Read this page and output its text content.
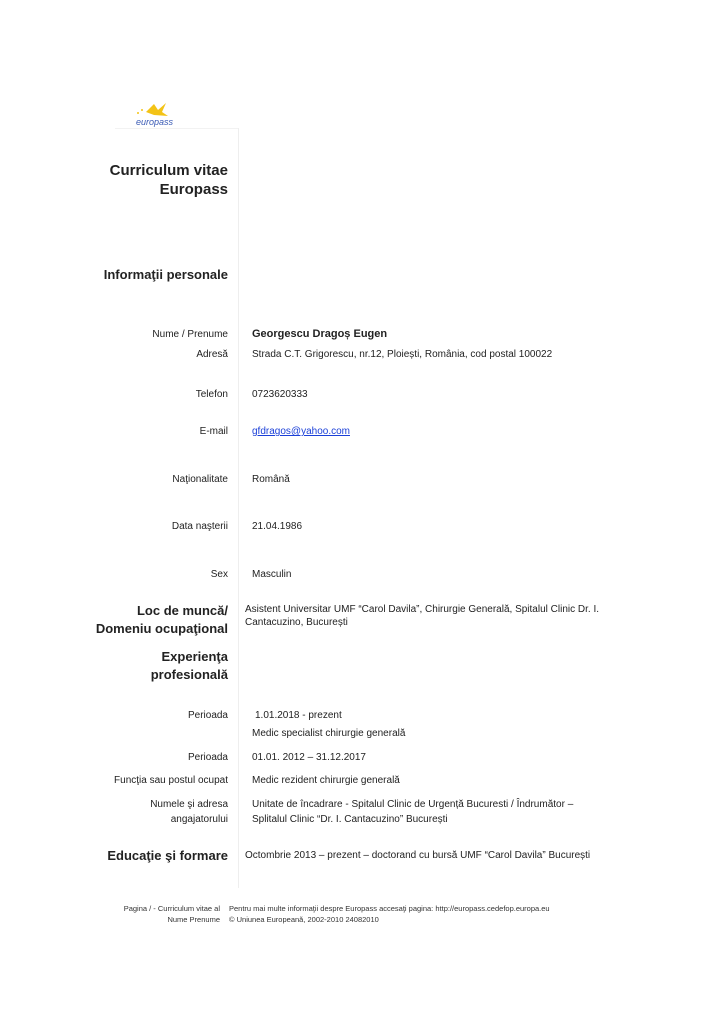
europass
Curriculum vitae
Europass
Informaţii personale
Nume / Prenume Georgescu Dragoș Eugen
Adresă Strada C.T. Grigorescu, nr.12, Ploiești, România, cod postal 100022
Telefon 0723620333
E-mail gfdragos@yahoo.com
Naţionalitate Română
Data naşterii 21.04.1986
Sex Masculin
Loc de muncă/
Domeniu ocupaţional
Asistent Universitar UMF “Carol Davila”, Chirurgie Generală, Spitalul Clinic Dr. I.
Cantacuzino, București
Experienţa
profesională
Perioada	1.01.2018 - prezent
Medic specialist chirurgie generală
Perioada 01.01. 2012 – 31.12.2017
Funcţia sau postul ocupat Medic rezident chirurgie generală
Numele şi adresa
angajatorului
Unitate de încadrare - Spitalul Clinic de Urgență Bucuresti / Îndrumător –
Splitalul Clinic “Dr. I. Cantacuzino” București
Educaţie şi formare Octombrie 2013 – prezent – doctorand cu bursă UMF “Carol Davila” București
Pagina / - Curriculum vitae al
Nume Prenume
Pentru mai multe informaţii despre Europass accesaţi pagina: http://europass.cedefop.europa.eu
© Uniunea Europeană, 2002-2010 24082010
